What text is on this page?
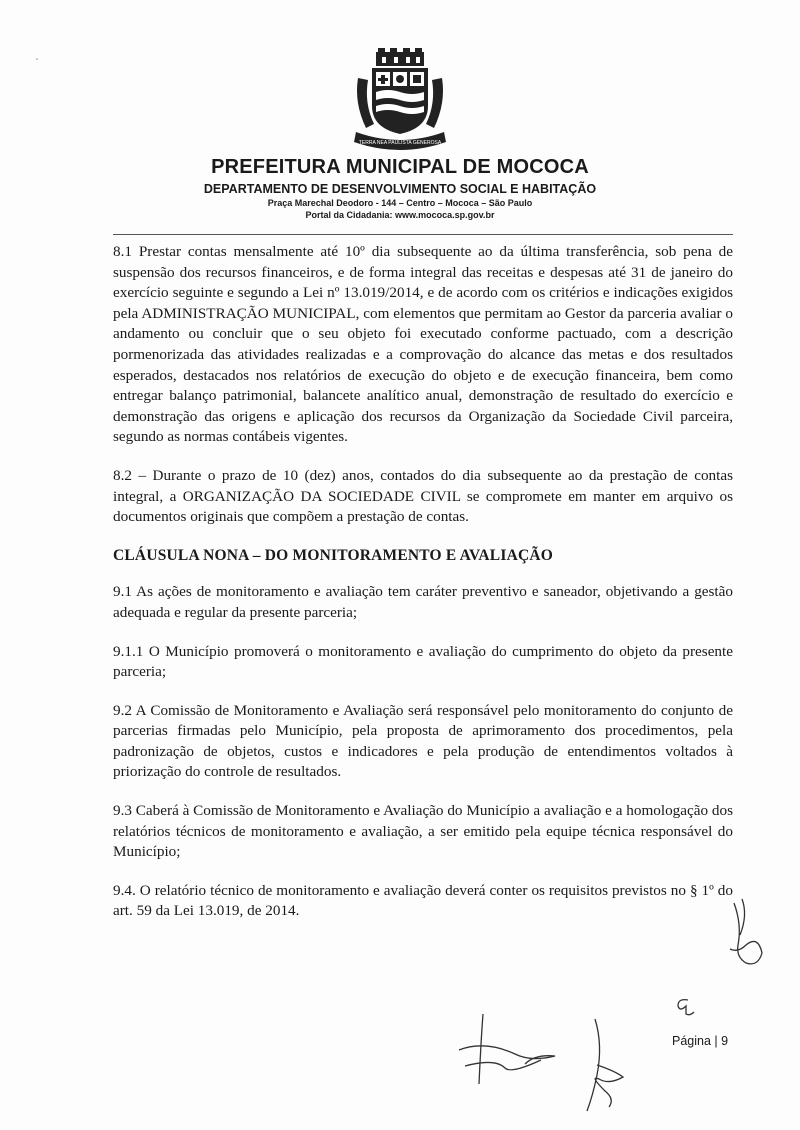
TERRA NEA PAULISTA GENEROSA
PREFEITURA MUNICIPAL DE MOCOCA
DEPARTAMENTO DE DESENVOLVIMENTO SOCIAL E HABITAÇÃO
Praça Marechal Deodoro - 144 – Centro – Mococa – São Paulo
Portal da Cidadania: www.mococa.sp.gov.br

8.1 Prestar contas mensalmente até 10º dia subsequente ao da última transferência, sob pena de suspensão dos recursos financeiros, e de forma integral das receitas e despesas até 31 de janeiro do exercício seguinte e segundo a Lei nº 13.019/2014, e de acordo com os critérios e indicações exigidos pela ADMINISTRAÇÃO MUNICIPAL, com elementos que permitam ao Gestor da parceria avaliar o andamento ou concluir que o seu objeto foi executado conforme pactuado, com a descrição pormenorizada das atividades realizadas e a comprovação do alcance das metas e dos resultados esperados, destacados nos relatórios de execução do objeto e de execução financeira, bem como entregar balanço patrimonial, balancete analítico anual, demonstração de resultado do exercício e demonstração das origens e aplicação dos recursos da Organização da Sociedade Civil parceira, segundo as normas contábeis vigentes.

8.2 – Durante o prazo de 10 (dez) anos, contados do dia subsequente ao da prestação de contas integral, a ORGANIZAÇÃO DA SOCIEDADE CIVIL se compromete em manter em arquivo os documentos originais que compõem a prestação de contas.

CLÁUSULA NONA – DO MONITORAMENTO E AVALIAÇÃO

9.1 As ações de monitoramento e avaliação tem caráter preventivo e saneador, objetivando a gestão adequada e regular da presente parceria;

9.1.1 O Município promoverá o monitoramento e avaliação do cumprimento do objeto da presente parceria;

9.2 A Comissão de Monitoramento e Avaliação será responsável pelo monitoramento do conjunto de parcerias firmadas pelo Município, pela proposta de aprimoramento dos procedimentos, pela padronização de objetos, custos e indicadores e pela produção de entendimentos voltados à priorização do controle de resultados.

9.3 Caberá à Comissão de Monitoramento e Avaliação do Município a avaliação e a homologação dos relatórios técnicos de monitoramento e avaliação, a ser emitido pela equipe técnica responsável do Município;

9.4. O relatório técnico de monitoramento e avaliação deverá conter os requisitos previstos no § 1º do art. 59 da Lei 13.019, de 2014.

Página | 9
